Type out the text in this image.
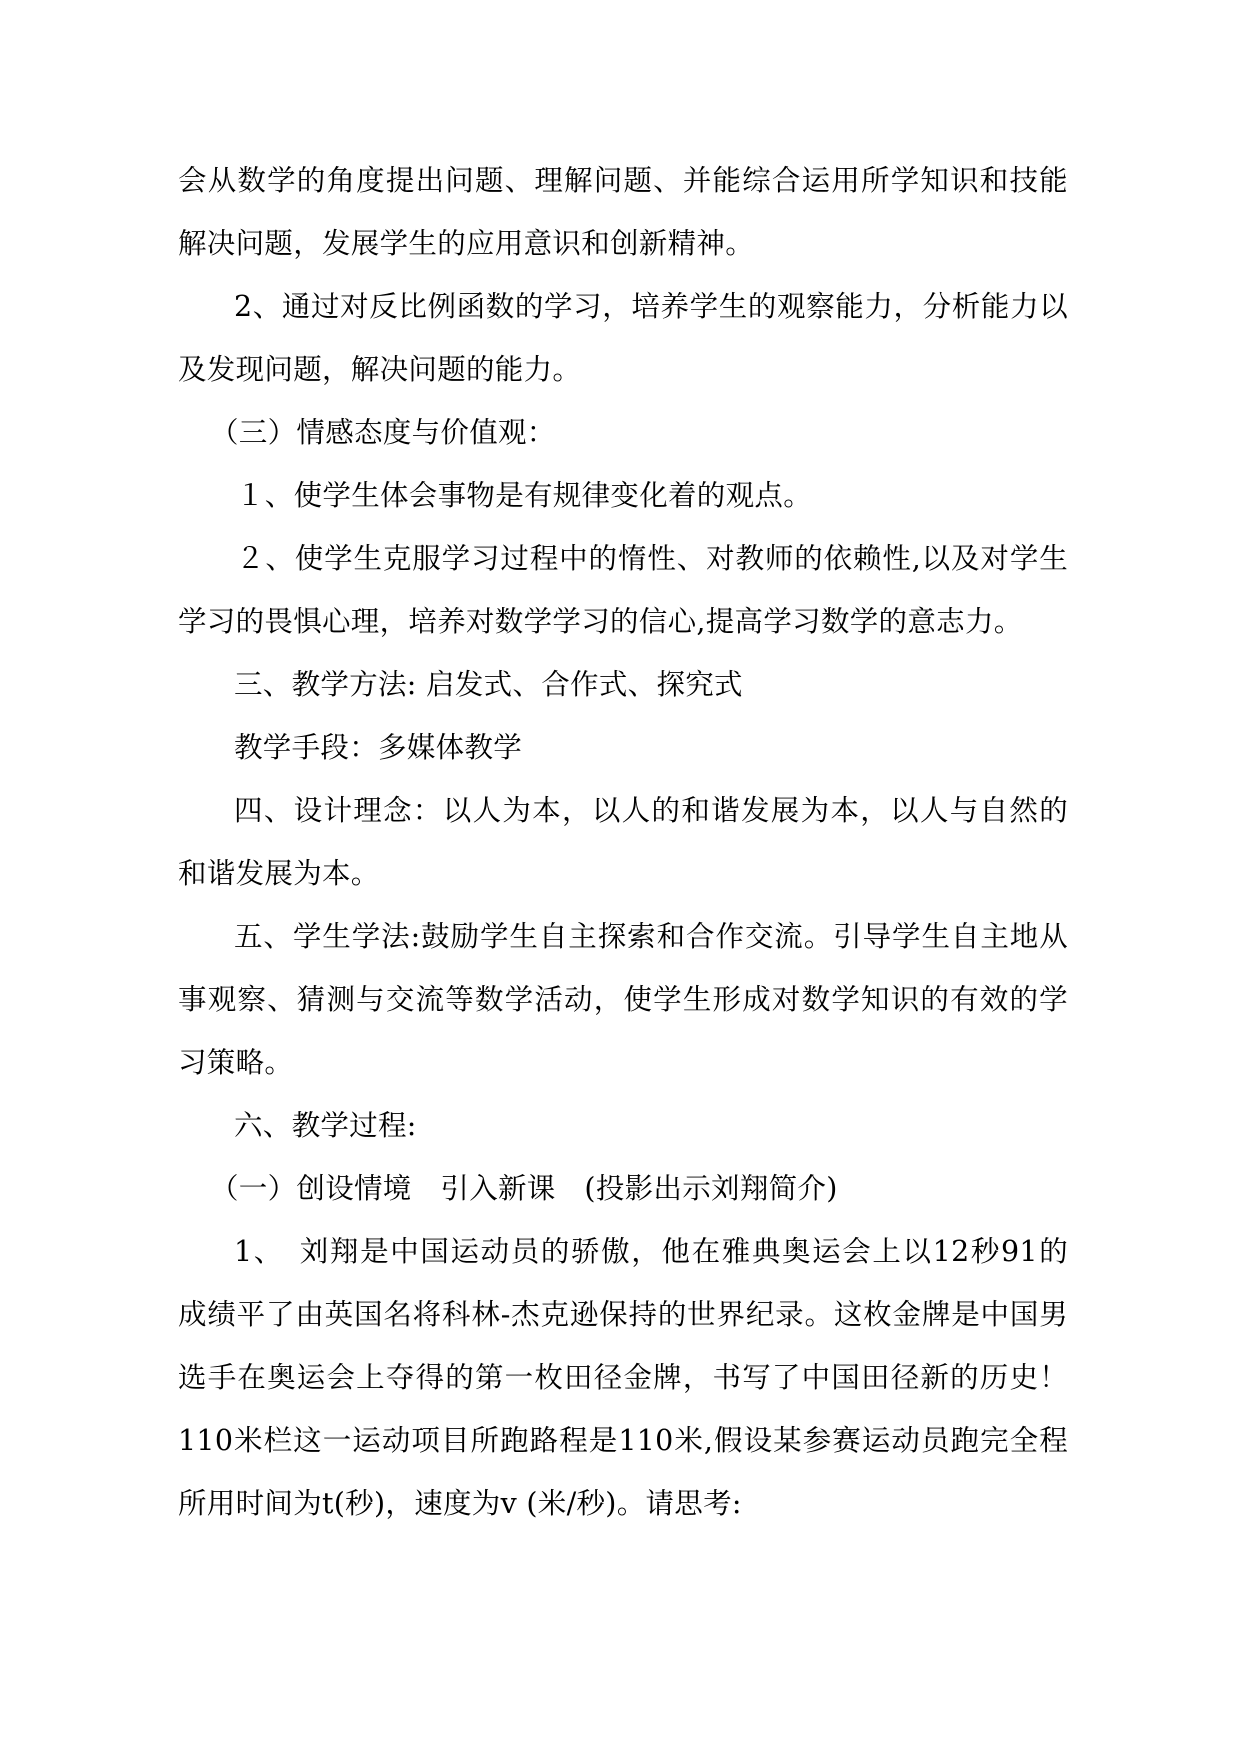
会从数学的角度提出问题、理解问题、并能综合运用所学知识和技能
解决问题，发展学生的应用意识和创新精神。
2、通过对反比例函数的学习，培养学生的观察能力，分析能力以
及发现问题，解决问题的能力。
（三）情感态度与价值观：
１、使学生体会事物是有规律变化着的观点。
２、使学生克服学习过程中的惰性、对教师的依赖性,以及对学生
学习的畏惧心理，培养对数学学习的信心,提高学习数学的意志力。
三、教学方法: 启发式、合作式、探究式
教学手段：多媒体教学
四、设计理念：以人为本，以人的和谐发展为本，以人与自然的
和谐发展为本。
五、学生学法:鼓励学生自主探索和合作交流。引导学生自主地从
事观察、猜测与交流等数学活动，使学生形成对数学知识的有效的学
习策略。
六、教学过程:
（一）创设情境　引入新课　(投影出示刘翔简介)
1、　刘翔是中国运动员的骄傲，他在雅典奥运会上以12秒91的
成绩平了由英国名将科林-杰克逊保持的世界纪录。这枚金牌是中国男
选手在奥运会上夺得的第一枚田径金牌，书写了中国田径新的历史！
110米栏这一运动项目所跑路程是110米,假设某参赛运动员跑完全程
所用时间为t(秒)，速度为v (米/秒)。请思考:
